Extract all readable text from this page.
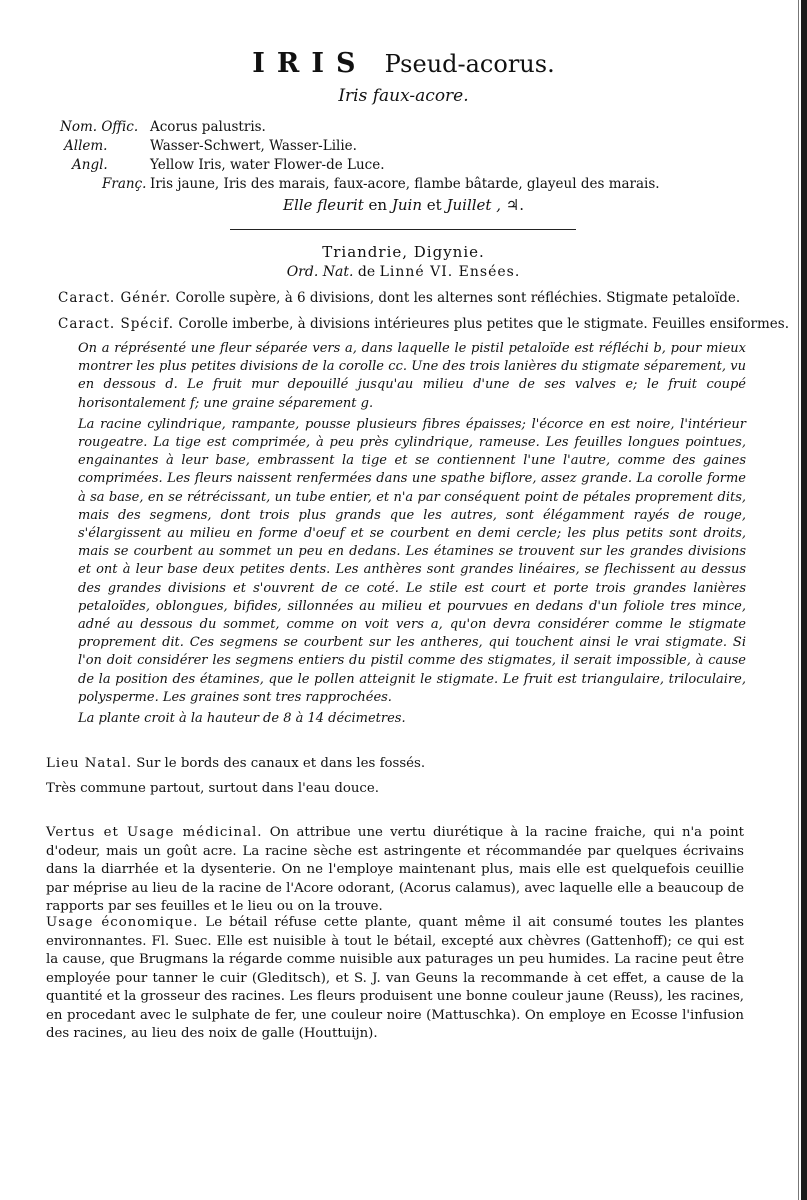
IRIS Pseud-acorus.
Iris faux-acore.
Nom. Offic. Acorus palustris.
Allem.	Wasser-Schwert, Wasser-Lilie.
Angl.	Yellow Iris, water Flower-de Luce.
Franç. Iris jaune, Iris des marais, faux-acore, flambe bâtarde, glayeul des marais.
Elle fleurit en Juin et Juillet , ♃.
Triandrie, Digynie.
Ord. Nat. de Linné VI. Ensées.
Caract. Génér. Corolle supère, à 6 divisions, dont les alternes sont réfléchies. Stigmate petaloïde.
Caract. Spécif. Corolle imberbe, à divisions intérieures plus petites que le stigmate. Feuilles ensiformes.

On a réprésenté une fleur séparée vers a, dans laquelle le pistil petaloïde est réfléchi b, pour mieux montrer les plus petites divisions de la corolle cc. Une des trois lanières du stigmate séparement, vu en dessous d. Le fruit mur depouillé jusqu'au milieu d'une de ses valves e; le fruit coupé horisontalement f; une graine séparement g.

La racine cylindrique, rampante, pousse plusieurs fibres épaisses; l'écorce en est noire, l'intérieur rougeatre. La tige est comprimée, à peu près cylindrique, rameuse. Les feuilles longues pointues, engainantes à leur base, embrassent la tige et se contiennent l'une l'autre, comme des gaines comprimées. Les fleurs naissent renfermées dans une spathe biflore, assez grande. La corolle forme à sa base, en se rétrécissant, un tube entier, et n'a par conséquent point de pétales proprement dits, mais des segmens, dont trois plus grands que les autres, sont élégamment rayés de rouge, s'élargissent au milieu en forme d'oeuf et se courbent en demi cercle; les plus petits sont droits, mais se courbent au sommet un peu en dedans. Les étamines se trouvent sur les grandes divisions et ont à leur base deux petites dents. Les anthères sont grandes linéaires, se flechissent au dessus des grandes divisions et s'ouvrent de ce coté. Le stile est court et porte trois grandes lanières petaloïdes, oblongues, bifides, sillonnées au milieu et pourvues en dedans d'un foliole tres mince, adné au dessous du sommet, comme on voit vers a, qu'on devra considérer comme le stigmate proprement dit. Ces segmens se courbent sur les antheres, qui touchent ainsi le vrai stigmate. Si l'on doit considérer les segmens entiers du pistil comme des stigmates, il serait impossible, à cause de la position des étamines, que le pollen atteignit le stigmate. Le fruit est triangulaire, triloculaire, polysperme. Les graines sont tres rapprochées.

La plante croit à la hauteur de 8 à 14 décimetres.

Lieu Natal. Sur le bords des canaux et dans les fossés.

Très commune partout, surtout dans l'eau douce.

Vertus et Usage médicinal. On attribue une vertu diurétique à la racine fraiche, qui n'a point d'odeur, mais un goût acre. La racine sèche est astringente et récommandée par quelques écrivains dans la diarrhée et la dysenterie. On ne l'employe maintenant plus, mais elle est quelquefois ceuillie par méprise au lieu de la racine de l'Acore odorant, (Acorus calamus), avec laquelle elle a beaucoup de rapports par ses feuilles et le lieu ou on la trouve.

Usage économique. Le bétail réfuse cette plante, quant même il ait consumé toutes les plantes environnantes. Fl. Suec. Elle est nuisible à tout le bétail, excepté aux chèvres (Gattenhoff); ce qui est la cause, que Brugmans la régarde comme nuisible aux paturages un peu humides. La racine peut être employée pour tanner le cuir (Gleditsch), et S. J. van Geuns la recommande à cet effet, a cause de la quantité et la grosseur des racines. Les fleurs produisent une bonne couleur jaune (Reuss), les racines, en procedant avec le sulphate de fer, une couleur noire (Mattuschka). On employe en Ecosse l'infusion des racines, au lieu des noix de galle (Houttuijn).
